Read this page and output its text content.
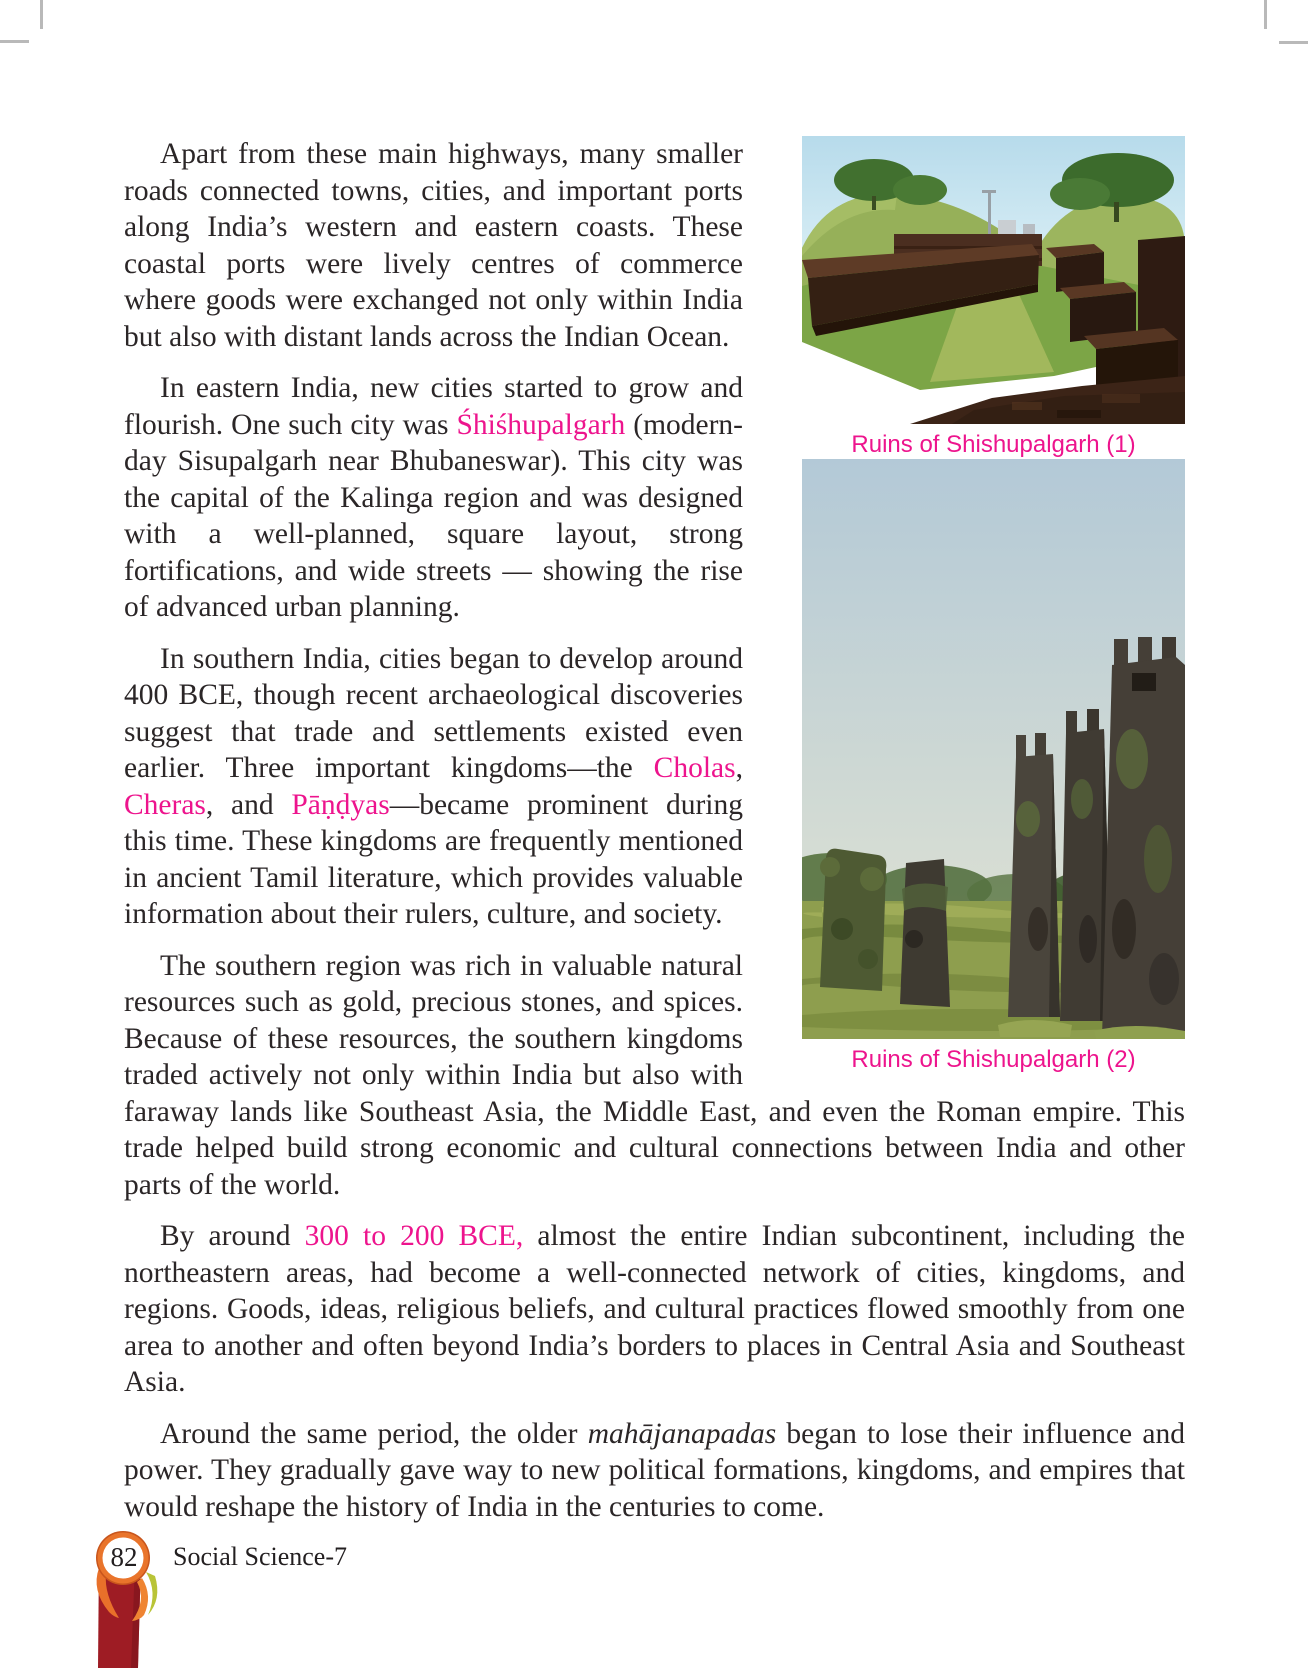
Ruins of Shishupalgarh (1)
Ruins of Shishupalgarh (2)

Apart from these main highways, many smaller roads connected towns, cities, and important ports along India’s western and eastern coasts. These coastal ports were lively centres of commerce where goods were exchanged not only within India but also with distant lands across the Indian Ocean.

In eastern India, new cities started to grow and flourish. One such city was Śhiśhupalgarh (modern-day Sisupalgarh near Bhubaneswar). This city was the capital of the Kalinga region and was designed with a well-planned, square layout, strong fortifications, and wide streets — showing the rise of advanced urban planning.

In southern India, cities began to develop around 400 BCE, though recent archaeological discoveries suggest that trade and settlements existed even earlier. Three important kingdoms—the Cholas, Cheras, and Pāṇḍyas—became prominent during this time. These kingdoms are frequently mentioned in ancient Tamil literature, which provides valuable information about their rulers, culture, and society.

The southern region was rich in valuable natural resources such as gold, precious stones, and spices. Because of these resources, the southern kingdoms traded actively not only within India but also with faraway lands like Southeast Asia, the Middle East, and even the Roman empire. This trade helped build strong economic and cultural connections between India and other parts of the world.

By around 300 to 200 BCE, almost the entire Indian subcontinent, including the northeastern areas, had become a well-connected network of cities, kingdoms, and regions. Goods, ideas, religious beliefs, and cultural practices flowed smoothly from one area to another and often beyond India’s borders to places in Central Asia and Southeast Asia.

Around the same period, the older mahājanapadas began to lose their influence and power. They gradually gave way to new political formations, kingdoms, and empires that would reshape the history of India in the centuries to come.

82	Social Science-7
